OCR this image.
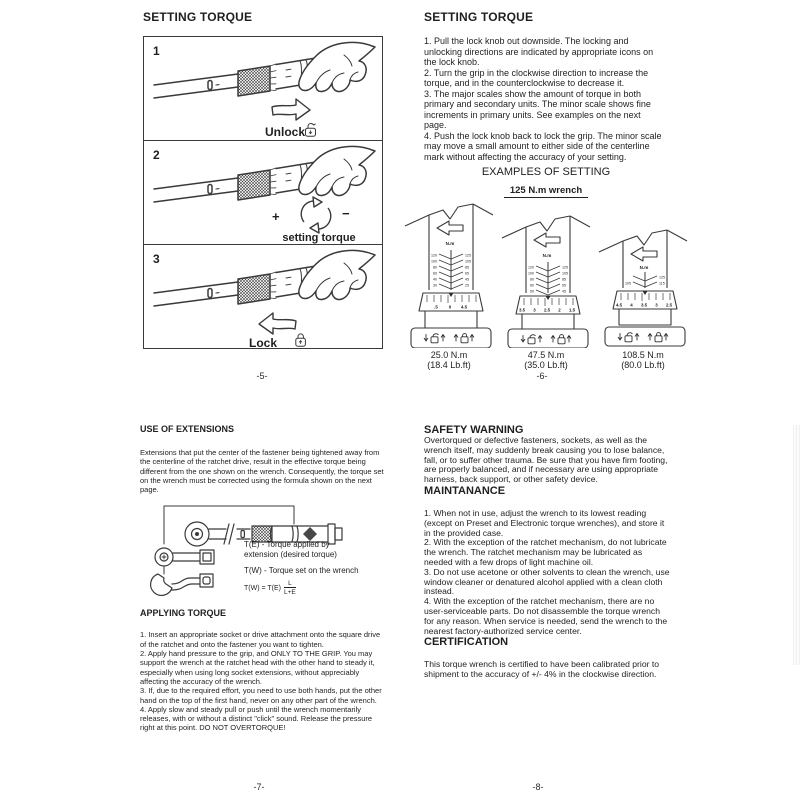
SETTING TORQUE
1
Unlock
2
+	−
setting torque
3
Lock
-5-
SETTING TORQUE
1. Pull the lock knob out downside. The locking and unlocking directions are indicated by appropriate icons on the lock knob.
2. Turn the grip in the clockwise direction to increase the torque, and in the counterclockwise to decrease it.
3. The major scales show the amount of torque in both primary and secondary units. The minor scale shows fine increments in primary units. See examples on the next page.
4. Push the lock knob back to lock the grip. The minor scale may move a small amount to either side of the centerline mark without affecting the accuracy of your setting.
EXAMPLES OF SETTING
125 N.m wrench
N.m
120
100
80
60
40
30
125
105
85
65
45
25
.5 0 4.5
25.0 N.m
(18.4 Lb.ft)
N.m
120
100
80
60
50
125
105
85
65
45
3.5 3 2.5 2 1.5
47.5 N.m
(35.0 Lb.ft)
N.m
105
125
115
4.5 4 3.5 3 2.5
108.5 N.m
(80.0 Lb.ft)
-6-
USE OF EXTENSIONS
Extensions that put the center of the fastener being tightened away from the centerline of the ratchet drive, result in the effective torque being different from the one shown on the wrench. Consequently, the torque set on the wrench must be corrected using the formula shown on the next page.
T(E) - Torque applied by extension (desired torque)
T(W) - Torque set on the wrench
$T(W) = T(E) \frac{L}{L+E}$
APPLYING TORQUE
1. Insert an appropriate socket or drive attachment onto the square drive of the ratchet and onto the fastener you want to tighten.
2. Apply hand pressure to the grip, and ONLY TO THE GRIP. You may support the wrench at the ratchet head with the other hand to steady it, especially when using long socket extensions, without appreciably affecting the accuracy of the wrench.
3. If, due to the required effort, you need to use both hands, put the other hand on the top of the first hand, never on any other part of the wrench.
4. Apply slow and steady pull or push until the wrench momentarily releases, with or without a distinct "click" sound. Release the pressure right at this point. DO NOT OVERTORQUE!
-7-
SAFETY WARNING
Overtorqued or defective fasteners, sockets, as well as the wrench itself, may suddenly break causing you to lose balance, fall, or to suffer other trauma. Be sure that you have firm footing, are properly balanced, and if necessary are using appropriate harness, back support, or other safety device.
MAINTANANCE
1. When not in use, adjust the wrench to its lowest reading (except on Preset and Electronic torque wrenches), and store it in the provided case.
2. With the exception of the ratchet mechanism, do not lubricate the wrench. The ratchet mechanism may be lubricated as needed with a few drops of light machine oil.
3. Do not use acetone or other solvents to clean the wrench, use window cleaner or denatured alcohol applied with a clean cloth instead.
4. With the exception of the ratchet mechanism, there are no user-serviceable parts. Do not disassemble the torque wrench for any reason. When service is needed, send the wrench to the nearest factory-authorized service center.
CERTIFICATION
This torque wrench is certified to have been calibrated prior to shipment to the accuracy of +/- 4% in the clockwise direction.
-8-
